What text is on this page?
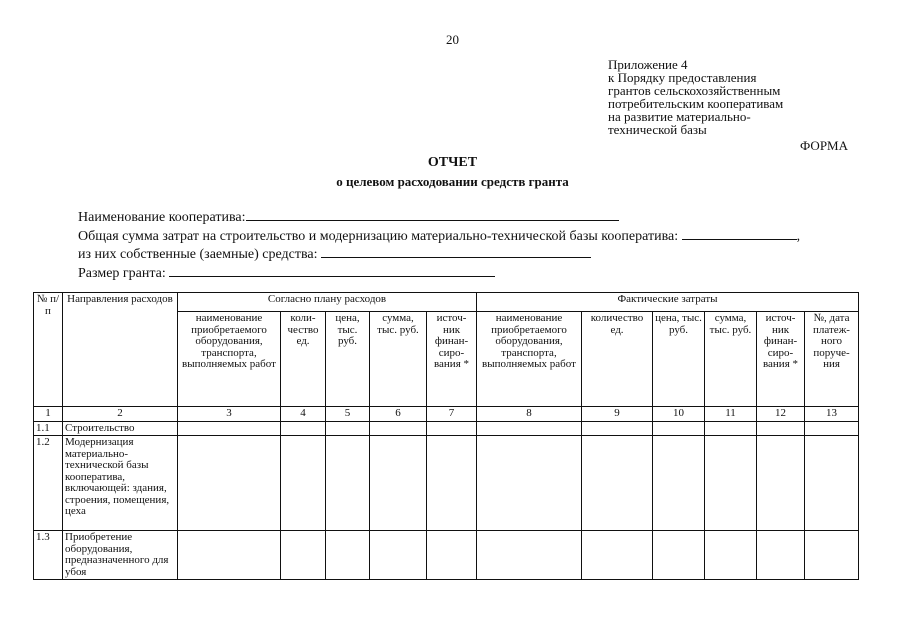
20
Приложение 4
к Порядку предоставления
грантов сельскохозяйственным
потребительским кооперативам
на развитие материально-
технической базы
ФОРМА
ОТЧЕТ
о целевом расходовании средств гранта
Наименование кооператива:
Общая сумма затрат на строительство и модернизацию материально-технической базы кооператива:	,
из них собственные (заемные) средства:
Размер гранта:
№ п/п	Направления расходов	Согласно плану расходов					Фактические затраты					
		наименование приобретаемого оборудования, транспорта, выполняемых работ	коли-чество ед.	цена, тыс. руб.	сумма, тыс. руб.	источ-ник финан-сиро-вания *	наименование приобретаемого оборудования, транспорта, выполняемых работ	количество ед.	цена, тыс. руб.	сумма, тыс. руб.	источ-ник финан-сиро-вания *	№, дата платеж-ного поруче-ния
1	2	3	4	5	6	7	8	9	10	11	12	13
1.1	Строительство											
1.2	Модернизация материально-технической базы кооператива, включающей: здания, строения, помещения, цеха											
1.3	Приобретение оборудования, предназначенного для убоя											
